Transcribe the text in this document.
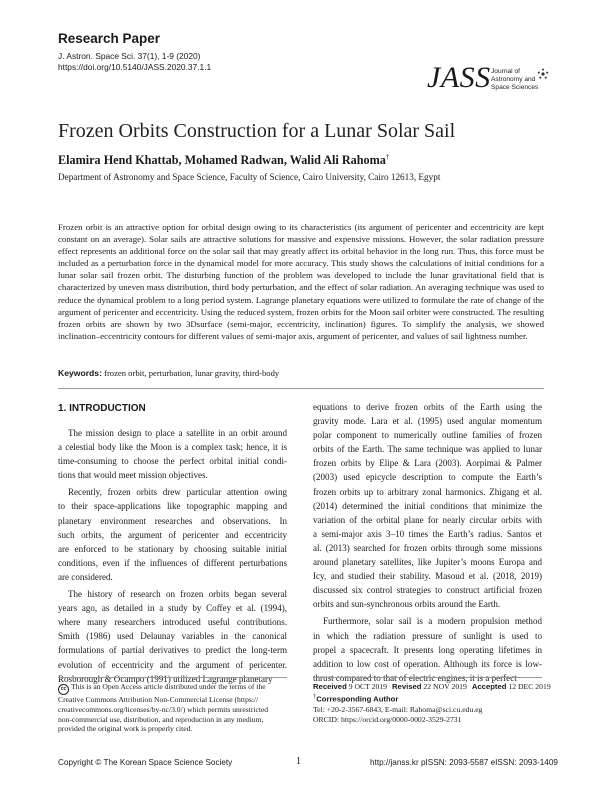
Research Paper
J. Astron. Space Sci. 37(1), 1-9 (2020)
https://doi.org/10.5140/JASS.2020.37.1.1	JASS Journal of
Astronomy and
Space Sciences
Frozen Orbits Construction for a Lunar Solar Sail
Elamira Hend Khattab, Mohamed Radwan, Walid Ali Rahoma†
Department of Astronomy and Space Science, Faculty of Science, Cairo University, Cairo 12613, Egypt
Frozen orbit is an attractive option for orbital design owing to its characteristics (its argument of pericenter and eccentricity are kept constant on an average). Solar sails are attractive solutions for massive and expensive missions. However, the solar radiation pressure effect represents an additional force on the solar sail that may greatly affect its orbital behavior in the long run. Thus, this force must be included as a perturbation force in the dynamical model for more accuracy. This study shows the calculations of initial conditions for a lunar solar sail frozen orbit. The disturbing function of the problem was developed to include the lunar gravitational field that is characterized by uneven mass distribution, third body perturbation, and the effect of solar radiation. An averaging technique was used to reduce the dynamical problem to a long period system. Lagrange planetary equations were utilized to formulate the rate of change of the argument of pericenter and eccentricity. Using the reduced system, frozen orbits for the Moon sail orbiter were constructed. The resulting frozen orbits are shown by two 3Dsurface (semi-major, eccentricity, inclination) figures. To simplify the analysis, we showed inclination–eccentricity contours for different values of semi-major axis, argument of pericenter, and values of sail lightness number.
Keywords: frozen orbit, perturbation, lunar gravity, third-body
1. INTRODUCTION
The mission design to place a satellite in an orbit around
a celestial body like the Moon is a complex task; hence, it is
time-consuming to choose the perfect orbital initial condi-
tions that would meet mission objectives.
Recently, frozen orbits drew particular attention owing
to their space-applications like topographic mapping and
planetary environment researches and observations. In
such orbits, the argument of pericenter and eccentricity
are enforced to be stationary by choosing suitable initial
conditions, even if the influences of different perturbations
are considered.
The history of research on frozen orbits began several
years ago, as detailed in a study by Coffey et al. (1994),
where many researchers introduced useful contributions.
Smith (1986) used Delaunay variables in the canonical
formulations of partial derivatives to predict the long-term
evolution of eccentricity and the argument of pericenter.
Rosborough & Ocampo (1991) utilized Lagrange planetary
equations to derive frozen orbits of the Earth using the
gravity mode. Lara et al. (1995) used angular momentum
polar component to numerically outline families of frozen
orbits of the Earth. The same technique was applied to lunar
frozen orbits by Elipe & Lara (2003). Aorpimai & Palmer
(2003) used epicycle description to compute the Earth’s
frozen orbits up to arbitrary zonal harmonics. Zhigang et al.
(2014) determined the initial conditions that minimize the
variation of the orbital plane for nearly circular orbits with
a semi-major axis 3–10 times the Earth’s radius. Santos et
al. (2013) searched for frozen orbits through some missions
around planetary satellites, like Jupiter’s moons Europa and
Icy, and studied their stability. Masoud et al. (2018, 2019)
discussed six control strategies to construct artificial frozen
orbits and sun-synchronous orbits around the Earth.
Furthermore, solar sail is a modern propulsion method
in which the radiation pressure of sunlight is used to
propel a spacecraft. It presents long operating lifetimes in
addition to low cost of operation. Although its force is low-
thrust compared to that of electric engines, it is a perfect
cc This is an Open Access article distributed under the terms of the
Creative Commons Attribution Non-Commercial License (https://
creativecommons.org/licenses/by-nc/3.0/) which permits unrestricted
non-commercial use, distribution, and reproduction in any medium,
provided the original work is properly cited.
Received 9 OCT 2019 Revised 22 NOV 2019 Accepted 12 DEC 2019
†Corresponding Author
Tel: +20-2-3567-6843, E-mail: Rahoma@sci.cu.edu.eg
ORCID: https://orcid.org/0000-0002-3529-2731
Copyright © The Korean Space Science Society	1	http://janss.kr pISSN: 2093-5587 eISSN: 2093-1409
